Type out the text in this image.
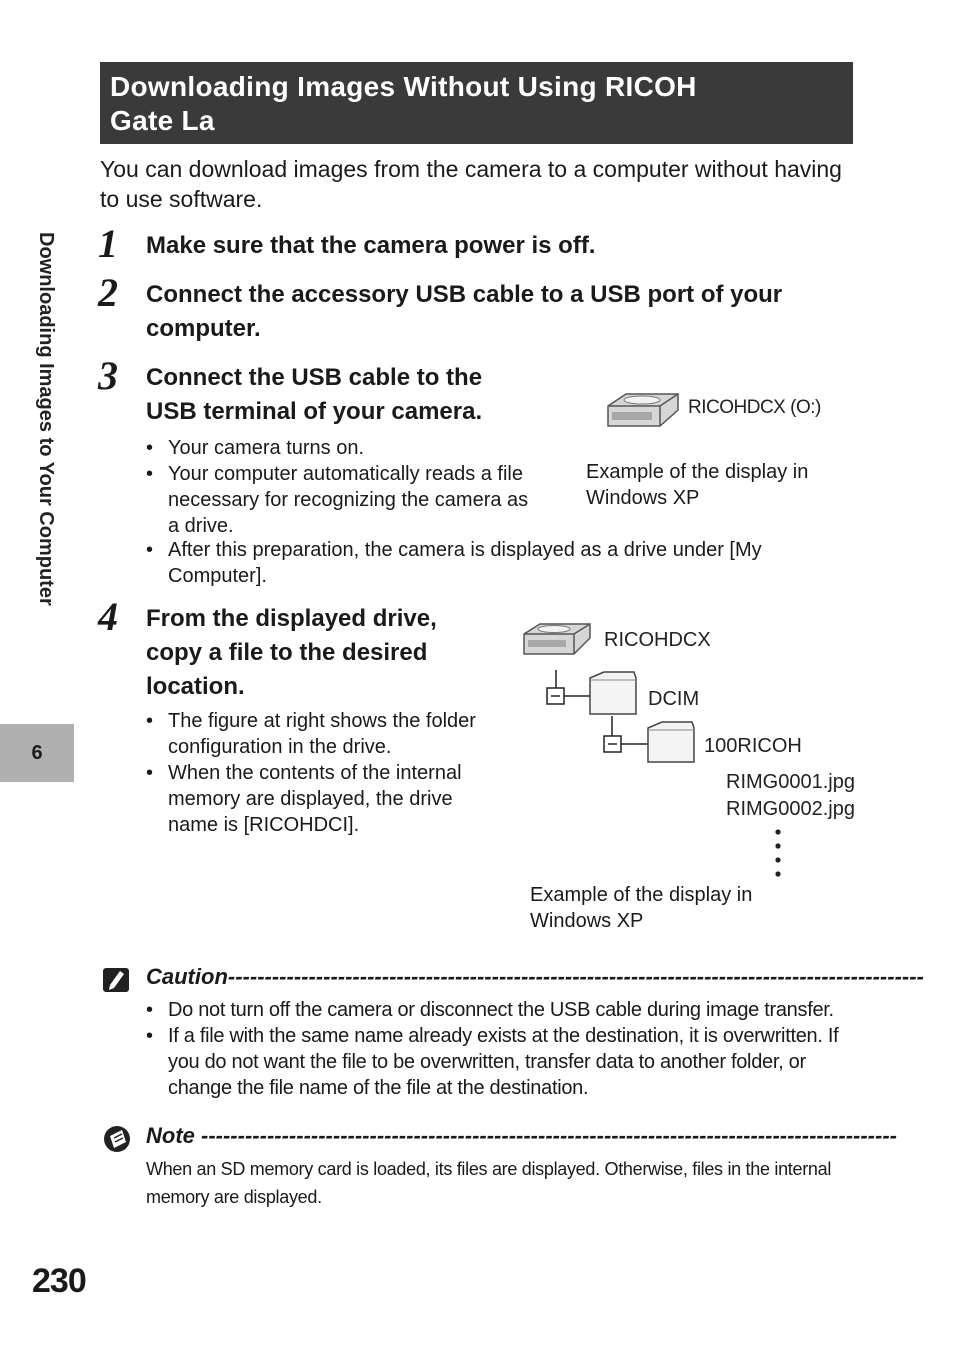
Downloading Images to Your Computer
6
Downloading Images Without Using RICOH
Gate La
You can download images from the camera to a computer without having to use software.
1 Make sure that the camera power is off.
2 Connect the accessory USB cable to a USB port of your
computer.
3 Connect the USB cable to the
USB terminal of your camera.
• Your camera turns on.
• Your computer automatically reads a file necessary for recognizing the camera as a drive.
• After this preparation, the camera is displayed as a drive under [My Computer].
RICOHDCX (O:)
Example of the display in Windows XP
4 From the displayed drive,
copy a file to the desired
location.
• The figure at right shows the folder configuration in the drive.
• When the contents of the internal memory are displayed, the drive name is [RICOHDCI].
RICOHDCX
DCIM
100RICOH
RIMG0001.jpg
RIMG0002.jpg
Example of the display in Windows XP
Caution-----------------------------------------------------------------------------------------------
• Do not turn off the camera or disconnect the USB cable during image transfer.
• If a file with the same name already exists at the destination, it is overwritten. If you do not want the file to be overwritten, transfer data to another folder, or change the file name of the file at the destination.
Note -----------------------------------------------------------------------------------------------
When an SD memory card is loaded, its files are displayed. Otherwise, files in the internal memory are displayed.
230
